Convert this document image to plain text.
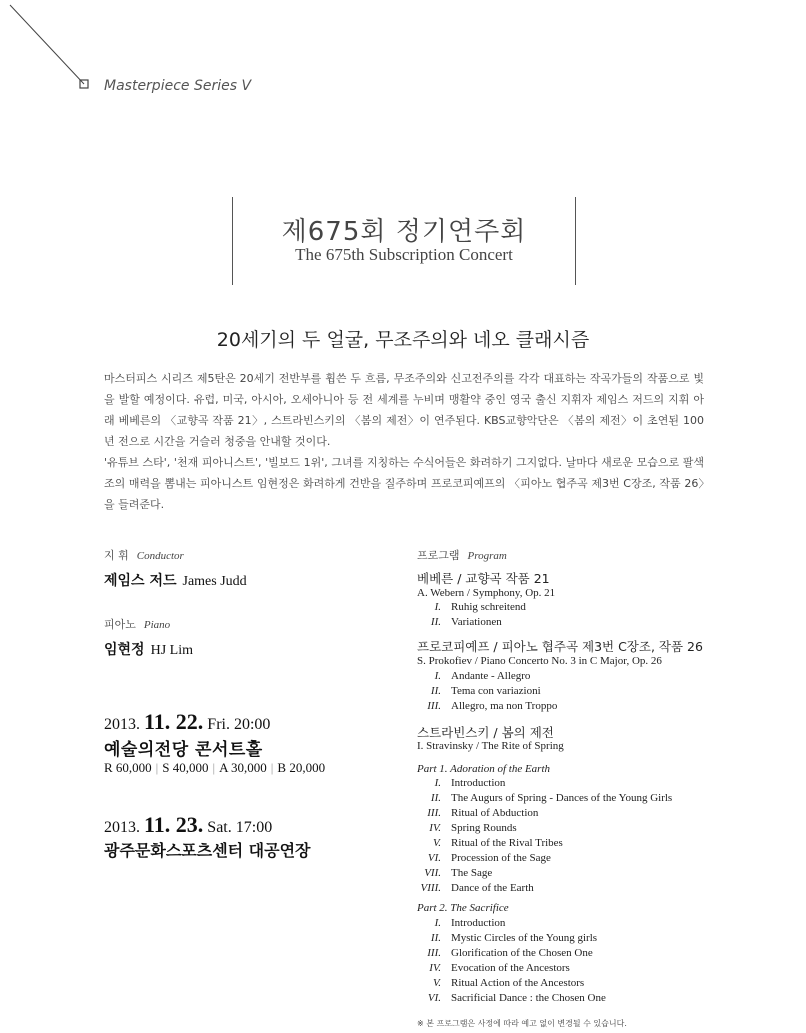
Masterpiece Series V
제675회 정기연주회
The 675th Subscription Concert
20세기의 두 얼굴, 무조주의와 네오 클래시즘

마스터피스 시리즈 제5탄은 20세기 전반부를 휩쓴 두 흐름, 무조주의와 신고전주의를 각각 대표하는 작곡가들의 작품으로 빛을 발할 예정이다. 유럽, 미국, 아시아, 오세아니아 등 전 세계를 누비며 맹활약 중인 영국 출신 지휘자 제임스 저드의 지휘 아래 베베른의 〈교향곡 작품 21〉, 스트라빈스키의 〈봄의 제전〉이 연주된다. KBS교향악단은 〈봄의 제전〉이 초연된 100년 전으로 시간을 거슬러 청중을 안내할 것이다.

'유튜브 스타', '천재 피아니스트', '빌보드 1위', 그녀를 지칭하는 수식어들은 화려하기 그지없다. 날마다 새로운 모습으로 팔색조의 매력을 뽐내는 피아니스트 임현정은 화려하게 건반을 질주하며 프로코피예프의 〈피아노 협주곡 제3번 C장조, 작품 26〉을 들려준다.

지 휘 Conductor
제임스 저드 James Judd
피아노 Piano
임현정 HJ Lim
2013. 11. 22. Fri. 20:00
예술의전당 콘서트홀
R 60,000 | S 40,000 | A 30,000 | B 20,000
2013. 11. 23. Sat. 17:00
광주문화스포츠센터 대공연장
프로그램 Program
베베른 / 교향곡 작품 21
A. Webern / Symphony, Op. 21
I. Ruhig schreitend
II. Variationen
프로코피예프 / 피아노 협주곡 제3번 C장조, 작품 26
S. Prokofiev / Piano Concerto No. 3 in C Major, Op. 26
I. Andante - Allegro
II. Tema con variazioni
III. Allegro, ma non Troppo
스트라빈스키 / 봄의 제전
I. Stravinsky / The Rite of Spring
Part 1. Adoration of the Earth
I. Introduction
II. The Augurs of Spring - Dances of the Young Girls
III. Ritual of Abduction
IV. Spring Rounds
V. Ritual of the Rival Tribes
VI. Procession of the Sage
VII. The Sage
VIII. Dance of the Earth
Part 2. The Sacrifice
I. Introduction
II. Mystic Circles of the Young girls
III. Glorification of the Chosen One
IV. Evocation of the Ancestors
V. Ritual Action of the Ancestors
VI. Sacrificial Dance : the Chosen One
※ 본 프로그램은 사정에 따라 예고 없이 변경될 수 있습니다.
